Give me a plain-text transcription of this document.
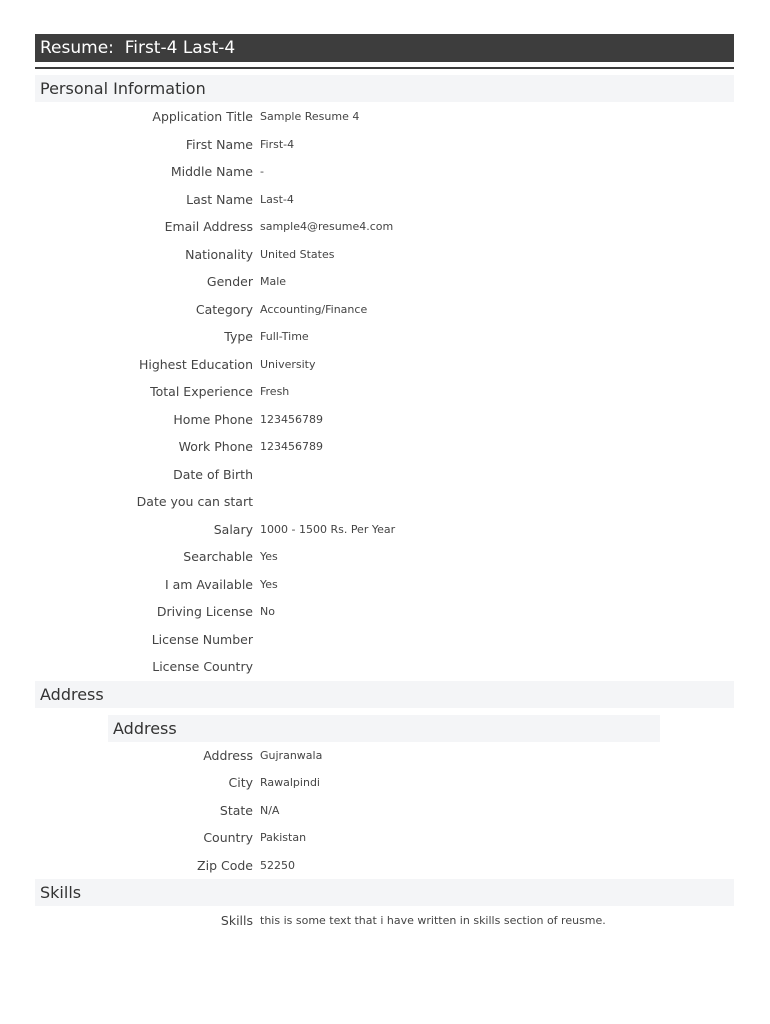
Resume:  First-4 Last-4
Personal Information
Application Title Sample Resume 4
First Name First-4
Middle Name -
Last Name Last-4
Email Address sample4@resume4.com
Nationality United States
Gender Male
Category Accounting/Finance
Type Full-Time
Highest Education University
Total Experience Fresh
Home Phone 123456789
Work Phone 123456789
Date of Birth
Date you can start
Salary 1000 - 1500 Rs. Per Year
Searchable Yes
I am Available Yes
Driving License No
License Number
License Country
Address
Address
Address Gujranwala
City Rawalpindi
State N/A
Country Pakistan
Zip Code 52250
Skills
Skills this is some text that i have written in skills section of reusme.
